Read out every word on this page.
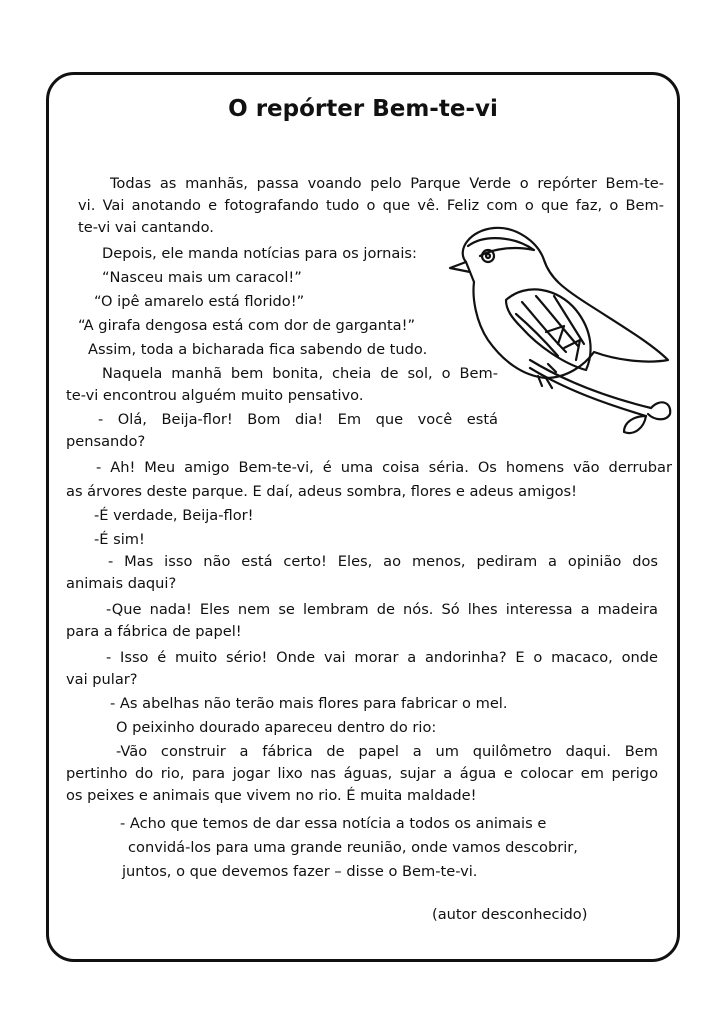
O repórter Bem-te-vi
Todas as manhãs, passa voando pelo Parque Verde o repórter Bem-te-
vi. Vai anotando e fotografando tudo o que vê. Feliz com o que faz, o Bem-
te-vi vai cantando.
Depois, ele manda notícias para os jornais:
“Nasceu mais um caracol!”
“O ipê amarelo está florido!”
“A girafa dengosa está com dor de garganta!”
Assim, toda a bicharada fica sabendo de tudo.
Naquela manhã bem bonita, cheia de sol, o Bem-
te-vi encontrou alguém muito pensativo.
- Olá, Beija-flor! Bom dia! Em que você está
pensando?
- Ah! Meu amigo Bem-te-vi, é uma coisa séria. Os homens vão derrubar
as árvores deste parque. E daí, adeus sombra, flores e adeus amigos!
-É verdade, Beija-flor!
-É sim!
- Mas isso não está certo! Eles, ao menos, pediram a opinião dos
animais daqui?
-Que nada! Eles nem se lembram de nós. Só lhes interessa a madeira
para a fábrica de papel!
- Isso é muito sério! Onde vai morar a andorinha? E o macaco, onde
vai pular?
- As abelhas não terão mais flores para fabricar o mel.
O peixinho dourado apareceu dentro do rio:
-Vão construir a fábrica de papel a um quilômetro daqui. Bem
pertinho do rio, para jogar lixo nas águas, sujar a água e colocar em perigo
os peixes e animais que vivem no rio. É muita maldade!
- Acho que temos de dar essa notícia a todos os animais e
convidá-los para uma grande reunião, onde vamos descobrir,
juntos, o que devemos fazer – disse o Bem-te-vi.
(autor desconhecido)
